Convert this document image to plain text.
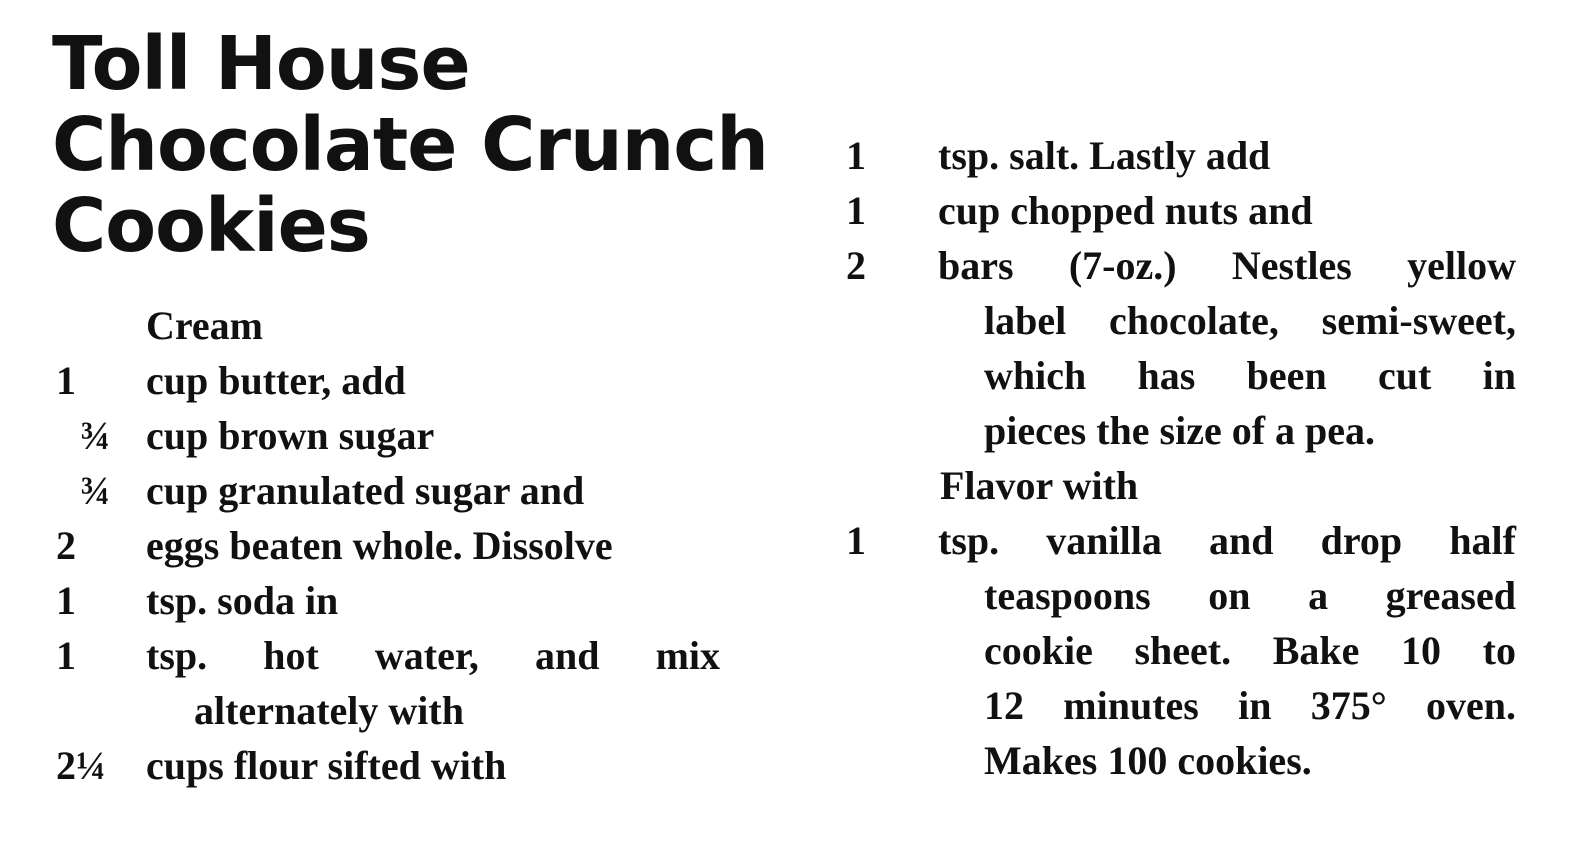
Toll House
Chocolate Crunch
Cookies
Cream
1 cup butter, add
¾ cup brown sugar
¾ cup granulated sugar and
2 eggs beaten whole. Dissolve
1 tsp. soda in
1 tsp. hot water, and mix
alternately with
2¼ cups flour sifted with
1 tsp. salt. Lastly add
1 cup chopped nuts and
2 bars (7-oz.) Nestles yellow
label chocolate, semi-sweet,
which has been cut in
pieces the size of a pea.
Flavor with
1 tsp. vanilla and drop half
teaspoons on a greased
cookie sheet. Bake 10 to
12 minutes in 375° oven.
Makes 100 cookies.
